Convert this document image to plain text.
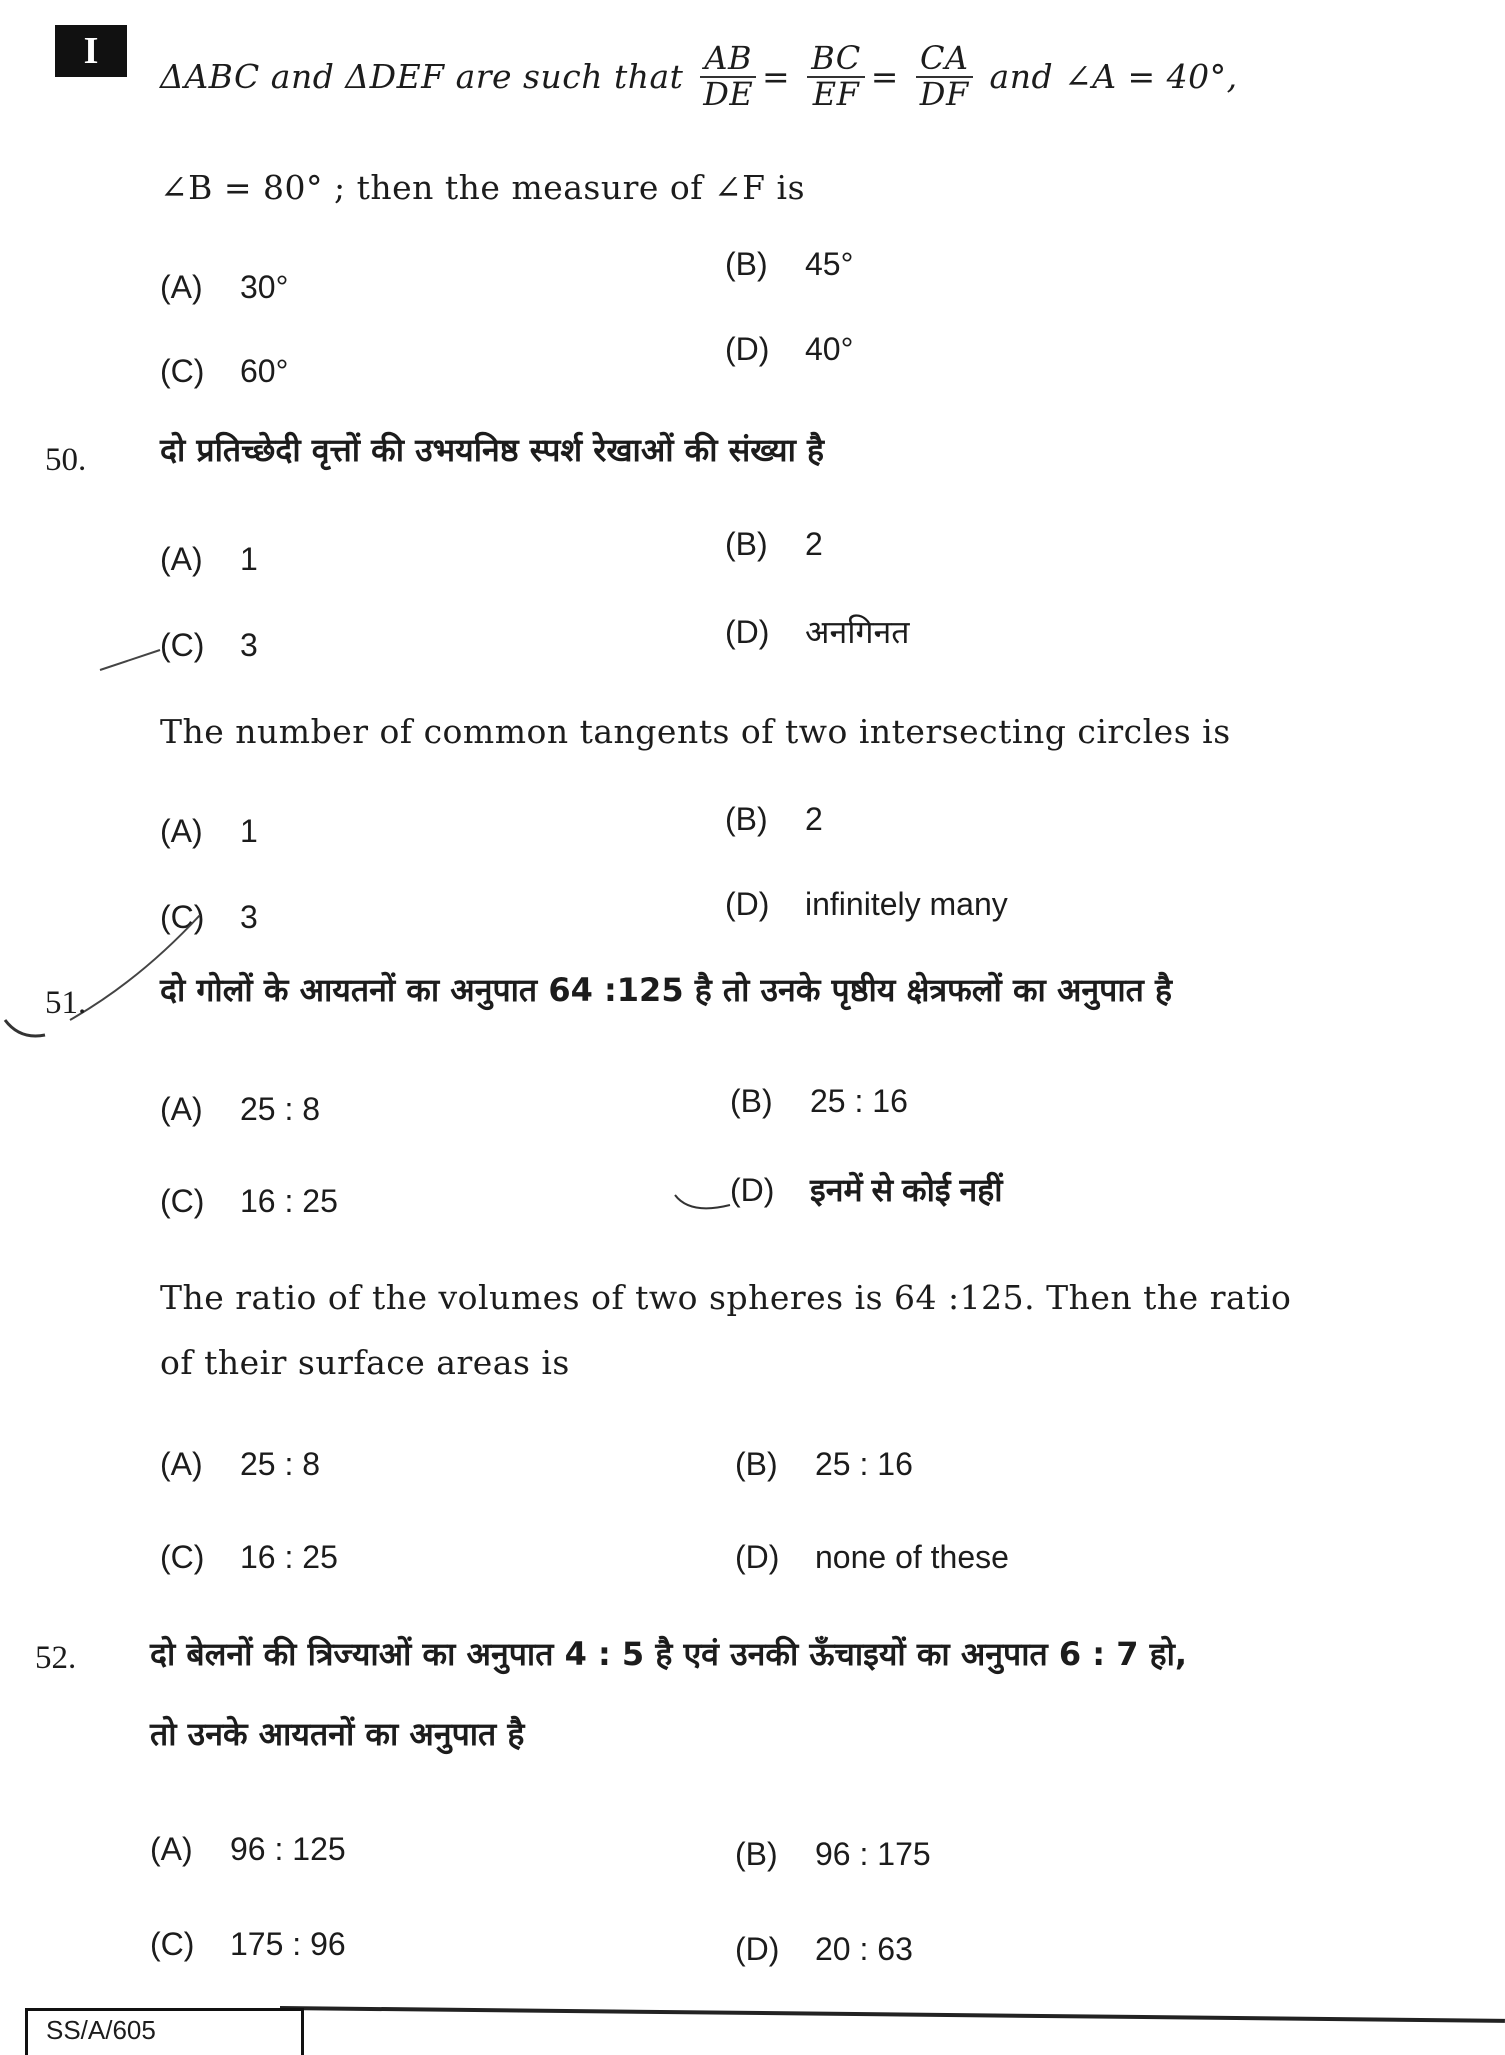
I
ΔABC and ΔDEF are such that $\frac{AB}{DE} = \frac{BC}{EF} = \frac{CA}{DF}$ and ∠A = 40°,
∠B = 80° ; then the measure of ∠F is
(A) 30°
(B) 45°
(C) 60°
(D) 40°
50. दो प्रतिच्छेदी वृत्तों की उभयनिष्ठ स्पर्श रेखाओं की संख्या है
(A) 1	(B) 2
(C) 3	(D) अनगिनत
The number of common tangents of two intersecting circles is
(A) 1	(B) 2
(C) 3	(D) infinitely many
51. दो गोलों के आयतनों का अनुपात 64 :125 है तो उनके पृष्ठीय क्षेत्रफलों का अनुपात है
(A) 25 : 8	(B) 25 : 16
(C) 16 : 25	(D) इनमें से कोई नहीं
The ratio of the volumes of two spheres is 64 :125. Then the ratio
of their surface areas is
(A) 25 : 8	(B) 25 : 16
(C) 16 : 25	(D) none of these
52. दो बेलनों की त्रिज्याओं का अनुपात 4 : 5 है एवं उनकी ऊँचाइयों का अनुपात 6 : 7 हो,
तो उनके आयतनों का अनुपात है
(A) 96 : 125	(B) 96 : 175
(C) 175 : 96	(D) 20 : 63
SS/A/605
